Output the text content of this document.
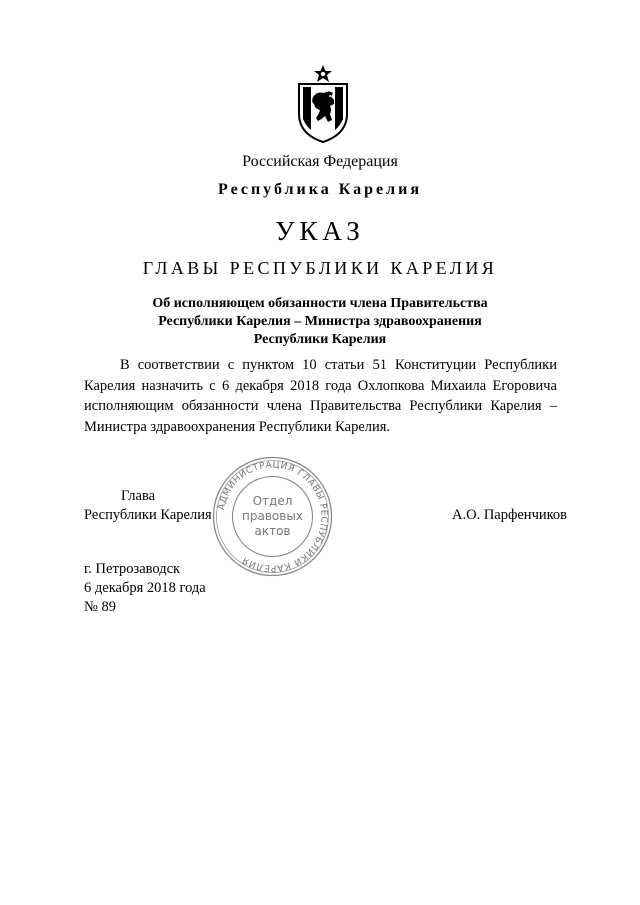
Российская Федерация
Республика Карелия
УКАЗ
ГЛАВЫ РЕСПУБЛИКИ КАРЕЛИЯ
Об исполняющем обязанности члена Правительства
Республики Карелия – Министра здравоохранения
Республики Карелия
В соответствии с пунктом 10 статьи 51 Конституции Республики
Карелия назначить с 6 декабря 2018 года Охлопкова Михаила Егоровича
исполняющим обязанности члена Правительства Республики Карелия –
Министра здравоохранения Республики Карелия.
Глава
Республики Карелия	А.О. Парфенчиков
АДМИНИСТРАЦИЯ ГЛАВЫ РЕСПУБЛИКИ КАРЕЛИЯ
Отдел
правовых
актов
г. Петрозаводск
6 декабря 2018 года
№ 89
